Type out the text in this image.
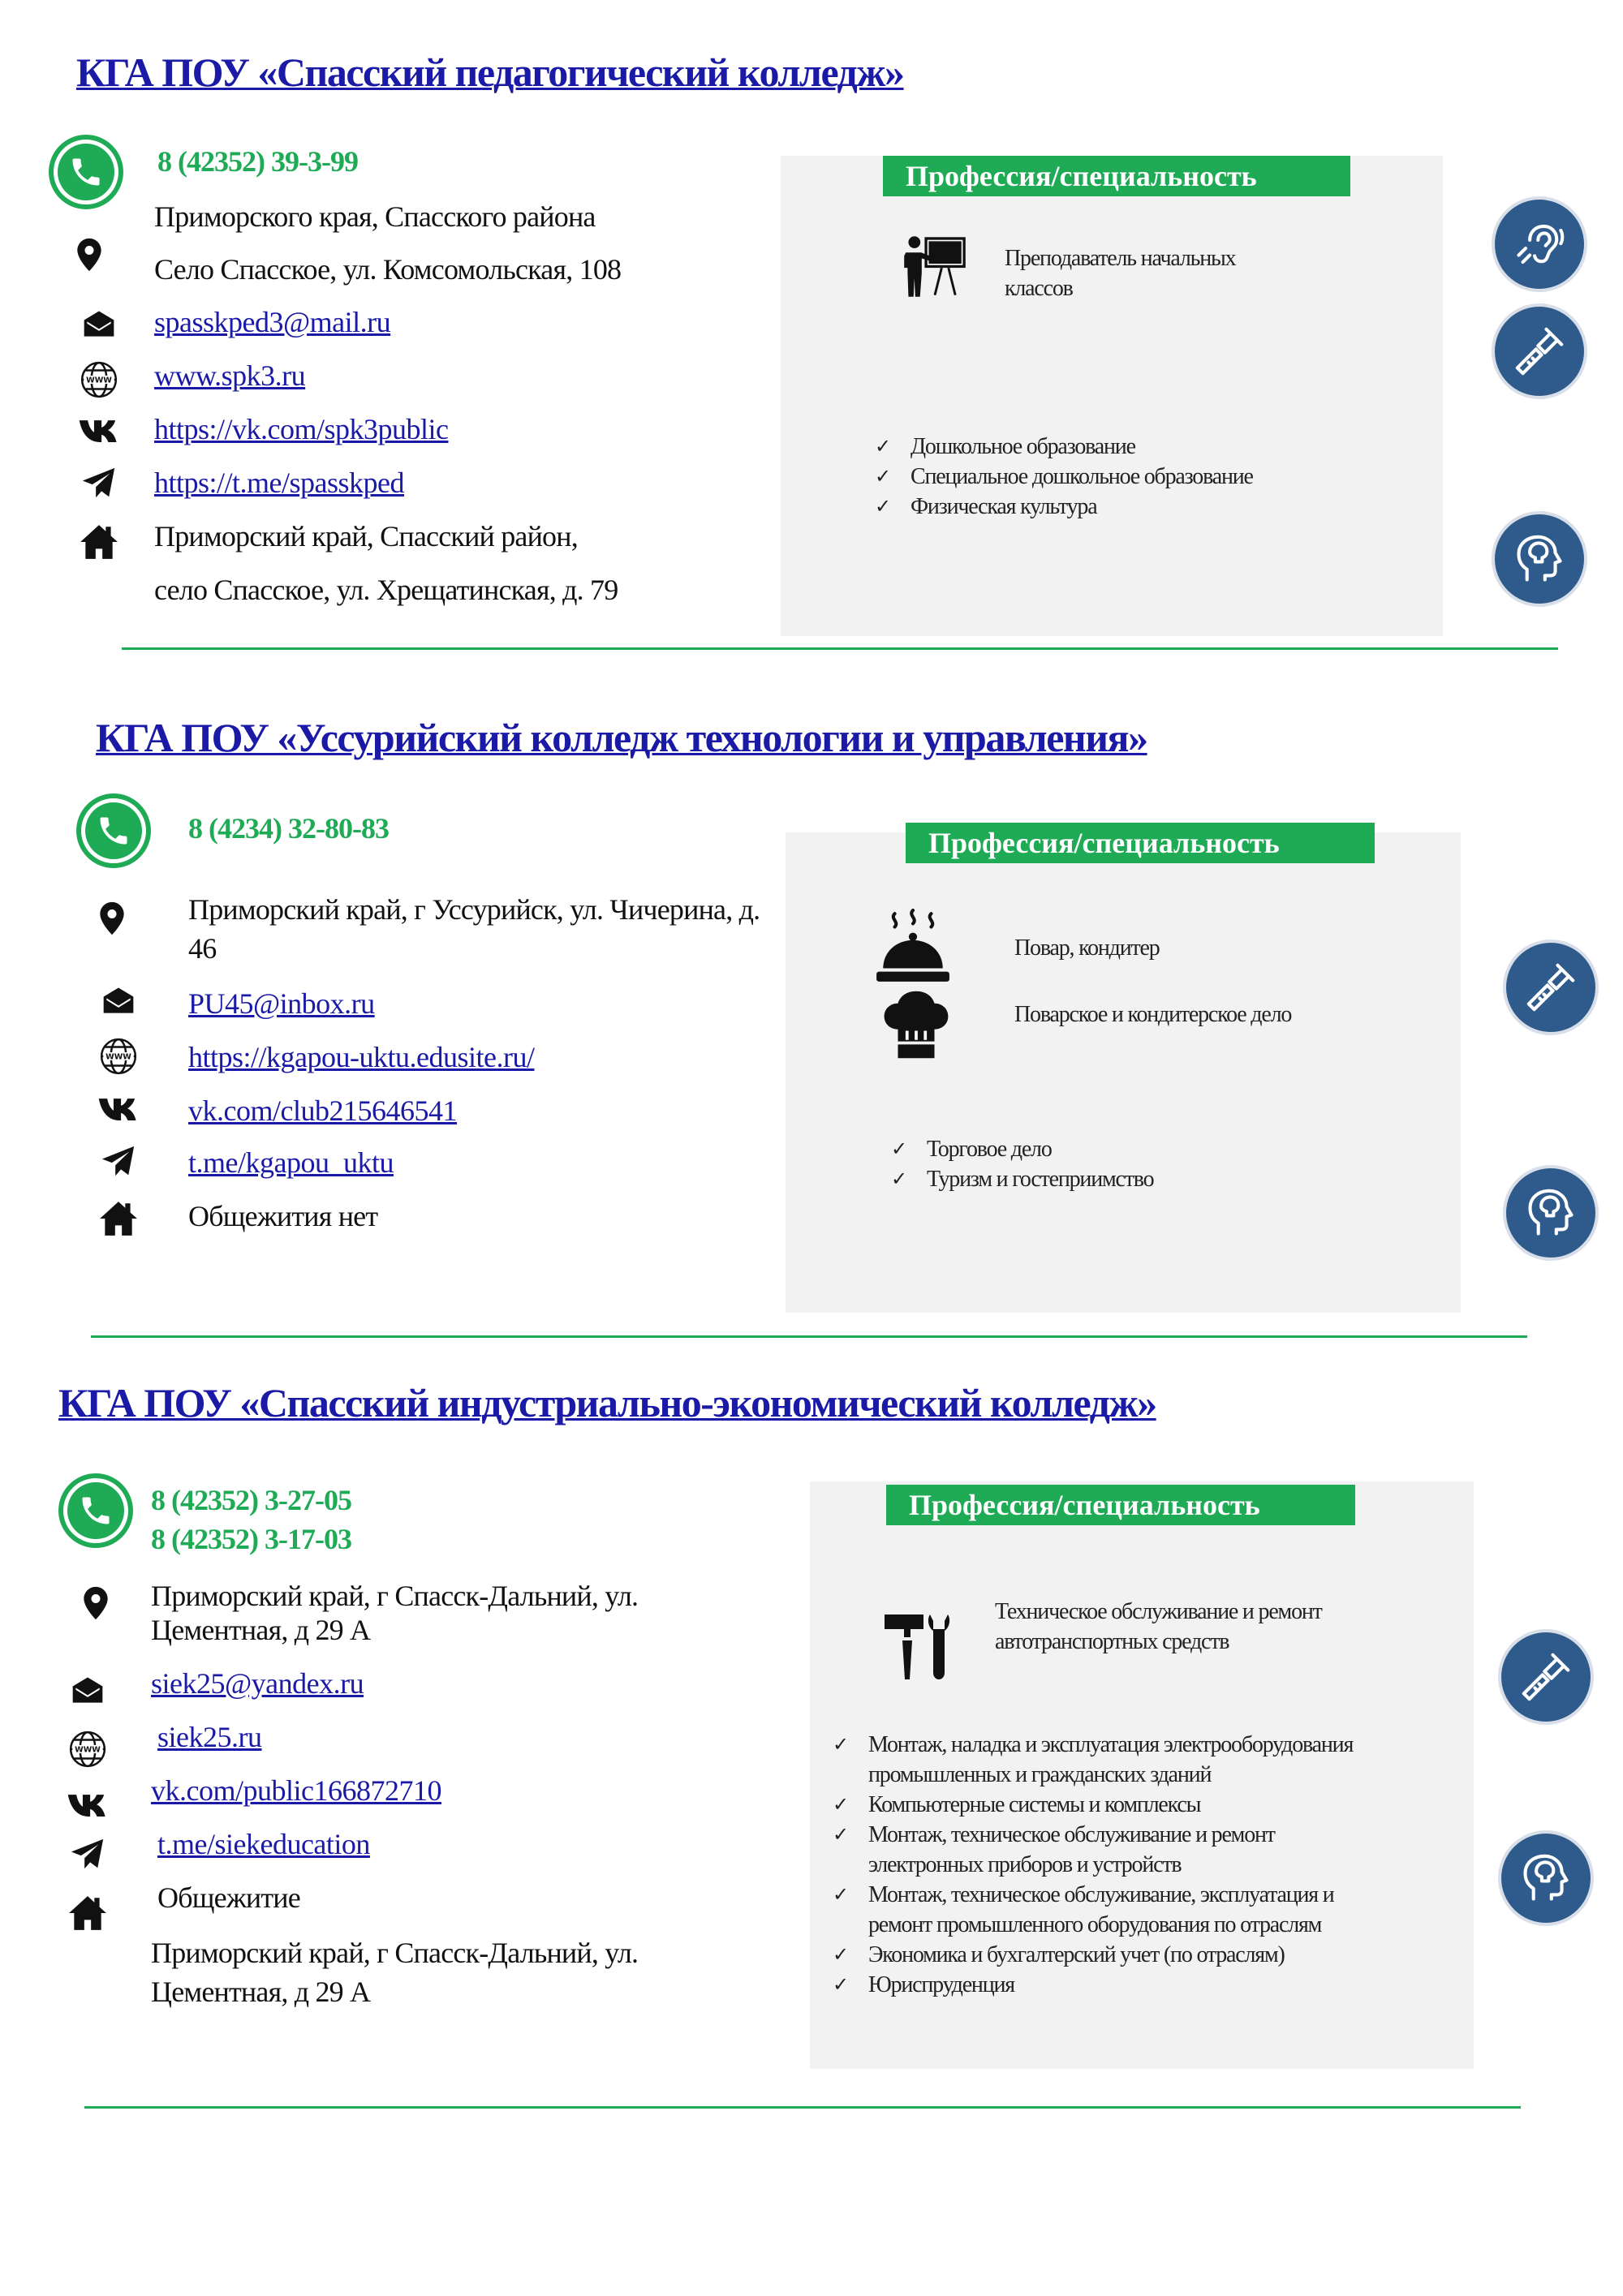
КГА ПОУ «Спасский педагогический колледж»
8 (42352) 39-3-99
Приморского края, Спасского района
Село Спасское, ул. Комсомольская, 108
spasskped3@mail.ru
www.spk3.ru
https://vk.com/spk3public
https://t.me/spasskped
Приморский край, Спасский район,
село Спасское, ул. Хрещатинская, д. 79
Профессия/специальность
Преподаватель начальных
классов
✓ Дошкольное образование
✓ Специальное дошкольное образование
✓ Физическая культура
КГА ПОУ «Уссурийский колледж технологии и управления»
8 (4234) 32-80-83
Приморский край, г Уссурийск, ул. Чичерина, д.
46
PU45@inbox.ru
https://kgapou-uktu.edusite.ru/
vk.com/club215646541
t.me/kgapou_uktu
Общежития нет
Профессия/специальность
Повар, кондитер
Поварское и кондитерское дело
✓ Торговое дело
✓ Туризм и гостеприимство
КГА ПОУ «Спасский индустриально-экономический колледж»
8 (42352) 3-27-05
8 (42352) 3-17-03
Приморский край, г Спасск-Дальний, ул.
Цементная, д 29 А
siek25@yandex.ru
siek25.ru
vk.com/public166872710
t.me/siekeducation
Общежитие
Приморский край, г Спасск-Дальний, ул.
Цементная, д 29 А
Профессия/специальность
Техническое обслуживание и ремонт
автотранспортных средств
✓ Монтаж, наладка и эксплуатация электрооборудования промышленных и гражданских зданий
✓ Компьютерные системы и комплексы
✓ Монтаж, техническое обслуживание и ремонт электронных приборов и устройств
✓ Монтаж, техническое обслуживание, эксплуатация и ремонт промышленного оборудования по отраслям
✓ Экономика и бухгалтерский учет (по отраслям)
✓ Юриспруденция
